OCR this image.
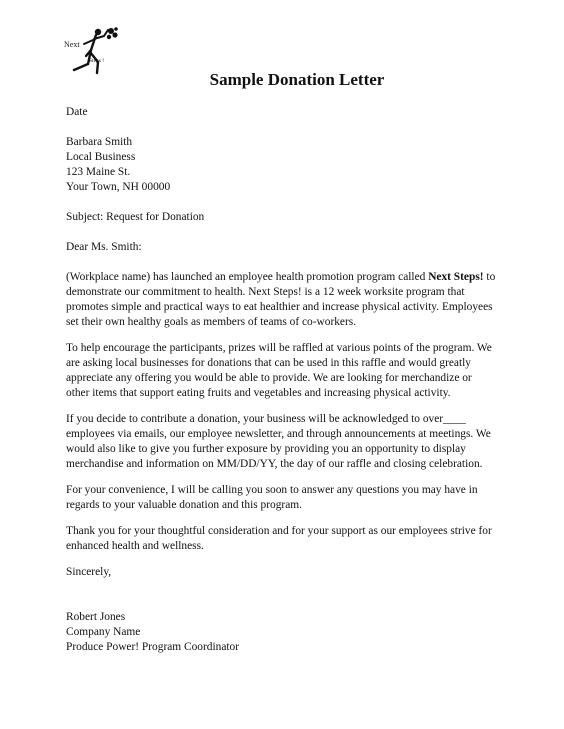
Next
Steps !
Sample Donation Letter
Date
Barbara Smith
Local Business
123 Maine St.
Your Town, NH 00000
Subject: Request for Donation
Dear Ms. Smith:
(Workplace name) has launched an employee health promotion program called Next Steps! to
demonstrate our commitment to health. Next Steps! is a 12 week worksite program that
promotes simple and practical ways to eat healthier and increase physical activity. Employees
set their own healthy goals as members of teams of co-workers.
To help encourage the participants, prizes will be raffled at various points of the program. We
are asking local businesses for donations that can be used in this raffle and would greatly
appreciate any offering you would be able to provide. We are looking for merchandize or
other items that support eating fruits and vegetables and increasing physical activity.
If you decide to contribute a donation, your business will be acknowledged to over____
employees via emails, our employee newsletter, and through announcements at meetings. We
would also like to give you further exposure by providing you an opportunity to display
merchandise and information on MM/DD/YY, the day of our raffle and closing celebration.
For your convenience, I will be calling you soon to answer any questions you may have in
regards to your valuable donation and this program.
Thank you for your thoughtful consideration and for your support as our employees strive for
enhanced health and wellness.
Sincerely,
Robert Jones
Company Name
Produce Power! Program Coordinator
